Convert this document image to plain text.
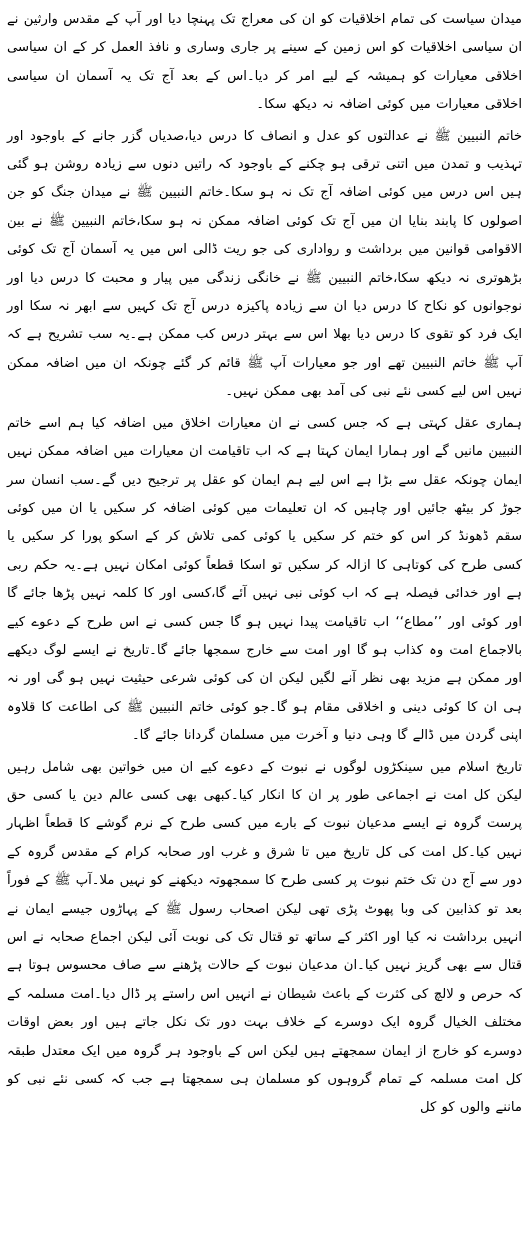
میدان سیاست کی تمام اخلاقیات کو ان کی معراج تک پہنچا دیا اور آپ کے مقدس وارثین نے ان سیاسی اخلاقیات کو اس زمین کے سینے پر جاری وساری و نافذ العمل کر کے ان سیاسی اخلاقی معیارات کو ہمیشہ کے لیے امر کر دیا۔اس کے بعد آج تک یہ آسمان ان سیاسی اخلاقی معیارات میں کوئی اضافہ نہ دیکھ سکا۔

خاتم النبیین ﷺ نے عدالتوں کو عدل و انصاف کا درس دیا،صدیاں گزر جانے کے باوجود اور تہذیب و تمدن میں اتنی ترقی ہو چکنے کے باوجود کہ راتیں دنوں سے زیادہ روشن ہو گئی ہیں اس درس میں کوئی اضافہ آج تک نہ ہو سکا۔خاتم النبیین ﷺ نے میدان جنگ کو جن اصولوں کا پابند بنایا ان میں آج تک کوئی اضافہ ممکن نہ ہو سکا،خاتم النبیین ﷺ نے بین الاقوامی قوانین میں برداشت و رواداری کی جو ریت ڈالی اس میں یہ آسمان آج تک کوئی بڑھوتری نہ دیکھ سکا،خاتم النبیین ﷺ نے خانگی زندگی میں پیار و محبت کا درس دیا اور نوجوانوں کو نکاح کا درس دیا ان سے زیادہ پاکیزہ درس آج تک کہیں سے ابھر نہ سکا اور ایک فرد کو تقوی کا درس دیا بھلا اس سے بہتر درس کب ممکن ہے۔یہ سب تشریح ہے کہ آپ ﷺ خاتم النبیین تھے اور جو معیارات آپ ﷺ قائم کر گئے چونکہ ان میں اضافہ ممکن نہیں اس لیے کسی نئے نبی کی آمد بھی ممکن نہیں۔

ہماری عقل کہتی ہے کہ جس کسی نے ان معیارات اخلاق میں اضافہ کیا ہم اسے خاتم النبیین مانیں گے اور ہمارا ایمان کہتا ہے کہ اب تاقیامت ان معیارات میں اضافہ ممکن نہیں ایمان چونکہ عقل سے بڑا ہے اس لیے ہم ایمان کو عقل پر ترجیح دیں گے۔سب انسان سر جوڑ کر بیٹھ جائیں اور چاہیں کہ ان تعلیمات میں کوئی اضافہ کر سکیں یا ان میں کوئی سقم ڈھونڈ کر اس کو ختم کر سکیں یا کوئی کمی تلاش کر کے اسکو پورا کر سکیں یا کسی طرح کی کوتاہی کا ازالہ کر سکیں تو اسکا قطعاً کوئی امکان نہیں ہے۔یہ حکم ربی ہے اور خدائی فیصلہ ہے کہ اب کوئی نبی نہیں آئے گا،کسی اور کا کلمہ نہیں پڑھا جائے گا اور کوئی اور ’’مطاع‘‘ اب تاقیامت پیدا نہیں ہو گا جس کسی نے اس طرح کے دعوے کیے بالاجماع امت وہ کذاب ہو گا اور امت سے خارج سمجھا جائے گا۔تاریخ نے ایسے لوگ دیکھے اور ممکن ہے مزید بھی نظر آنے لگیں لیکن ان کی کوئی شرعی حیثیت نہیں ہو گی اور نہ ہی ان کا کوئی دینی و اخلاقی مقام ہو گا۔جو کوئی خاتم النبیین ﷺ کی اطاعت کا قلاوہ اپنی گردن میں ڈالے گا وہی دنیا و آخرت میں مسلمان گردانا جائے گا۔

تاریخ اسلام میں سینکڑوں لوگوں نے نبوت کے دعوے کیے ان میں خواتین بھی شامل رہیں لیکن کل امت نے اجماعی طور پر ان کا انکار کیا۔کبھی بھی کسی عالم دین یا کسی حق پرست گروہ نے ایسے مدعیان نبوت کے بارے میں کسی طرح کے نرم گوشے کا قطعاً اظہار نہیں کیا۔کل امت کی کل تاریخ میں تا شرق و غرب اور صحابہ کرام کے مقدس گروہ کے دور سے آج دن تک ختم نبوت پر کسی طرح کا سمجھوتہ دیکھنے کو نہیں ملا۔آپ ﷺ کے فوراً بعد تو کذابین کی وبا پھوٹ پڑی تھی لیکن اصحاب رسول ﷺ کے پہاڑوں جیسے ایمان نے انہیں برداشت نہ کیا اور اکثر کے ساتھ تو قتال تک کی نوبت آئی لیکن اجماع صحابہ نے اس قتال سے بھی گریز نہیں کیا۔ان مدعیان نبوت کے حالات پڑھنے سے صاف محسوس ہوتا ہے کہ حرص و لالچ کی کثرت کے باعث شیطان نے انہیں اس راستے پر ڈال دیا۔امت مسلمہ کے مختلف الخیال گروہ ایک دوسرے کے خلاف بہت دور تک نکل جاتے ہیں اور بعض اوقات دوسرے کو خارج از ایمان سمجھتے ہیں لیکن اس کے باوجود ہر گروہ میں ایک معتدل طبقہ کل امت مسلمہ کے تمام گروہوں کو مسلمان ہی سمجھتا ہے جب کہ کسی نئے نبی کو ماننے والوں کو کل
